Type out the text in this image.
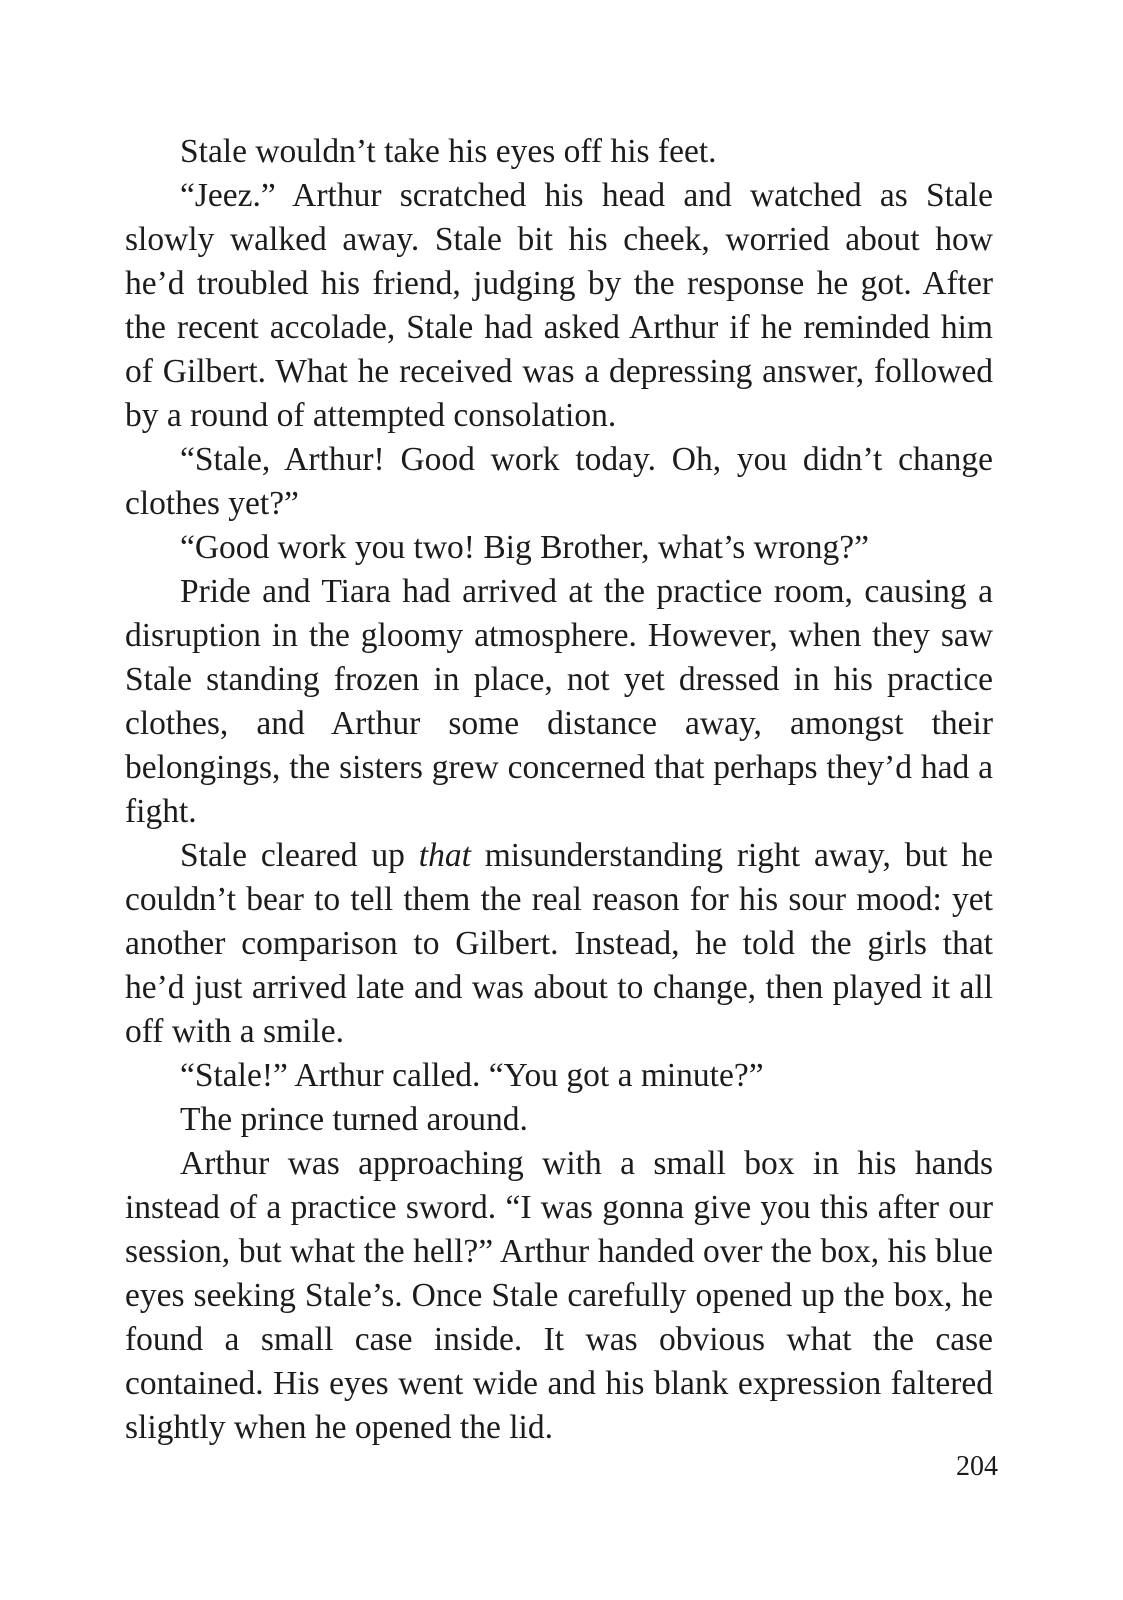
Stale wouldn’t take his eyes off his feet.

“Jeez.” Arthur scratched his head and watched as Stale slowly walked away. Stale bit his cheek, worried about how he’d troubled his friend, judging by the response he got. After the recent accolade, Stale had asked Arthur if he reminded him of Gilbert. What he received was a depressing answer, followed by a round of attempted consolation.

“Stale, Arthur! Good work today. Oh, you didn’t change clothes yet?”

“Good work you two! Big Brother, what’s wrong?”

Pride and Tiara had arrived at the practice room, causing a disruption in the gloomy atmosphere. However, when they saw Stale standing frozen in place, not yet dressed in his practice clothes, and Arthur some distance away, amongst their belongings, the sisters grew concerned that perhaps they’d had a fight.

Stale cleared up that misunderstanding right away, but he couldn’t bear to tell them the real reason for his sour mood: yet another comparison to Gilbert. Instead, he told the girls that he’d just arrived late and was about to change, then played it all off with a smile.

“Stale!” Arthur called. “You got a minute?”

The prince turned around.

Arthur was approaching with a small box in his hands instead of a practice sword. “I was gonna give you this after our session, but what the hell?” Arthur handed over the box, his blue eyes seeking Stale’s. Once Stale carefully opened up the box, he found a small case inside. It was obvious what the case contained. His eyes went wide and his blank expression faltered slightly when he opened the lid.

204
